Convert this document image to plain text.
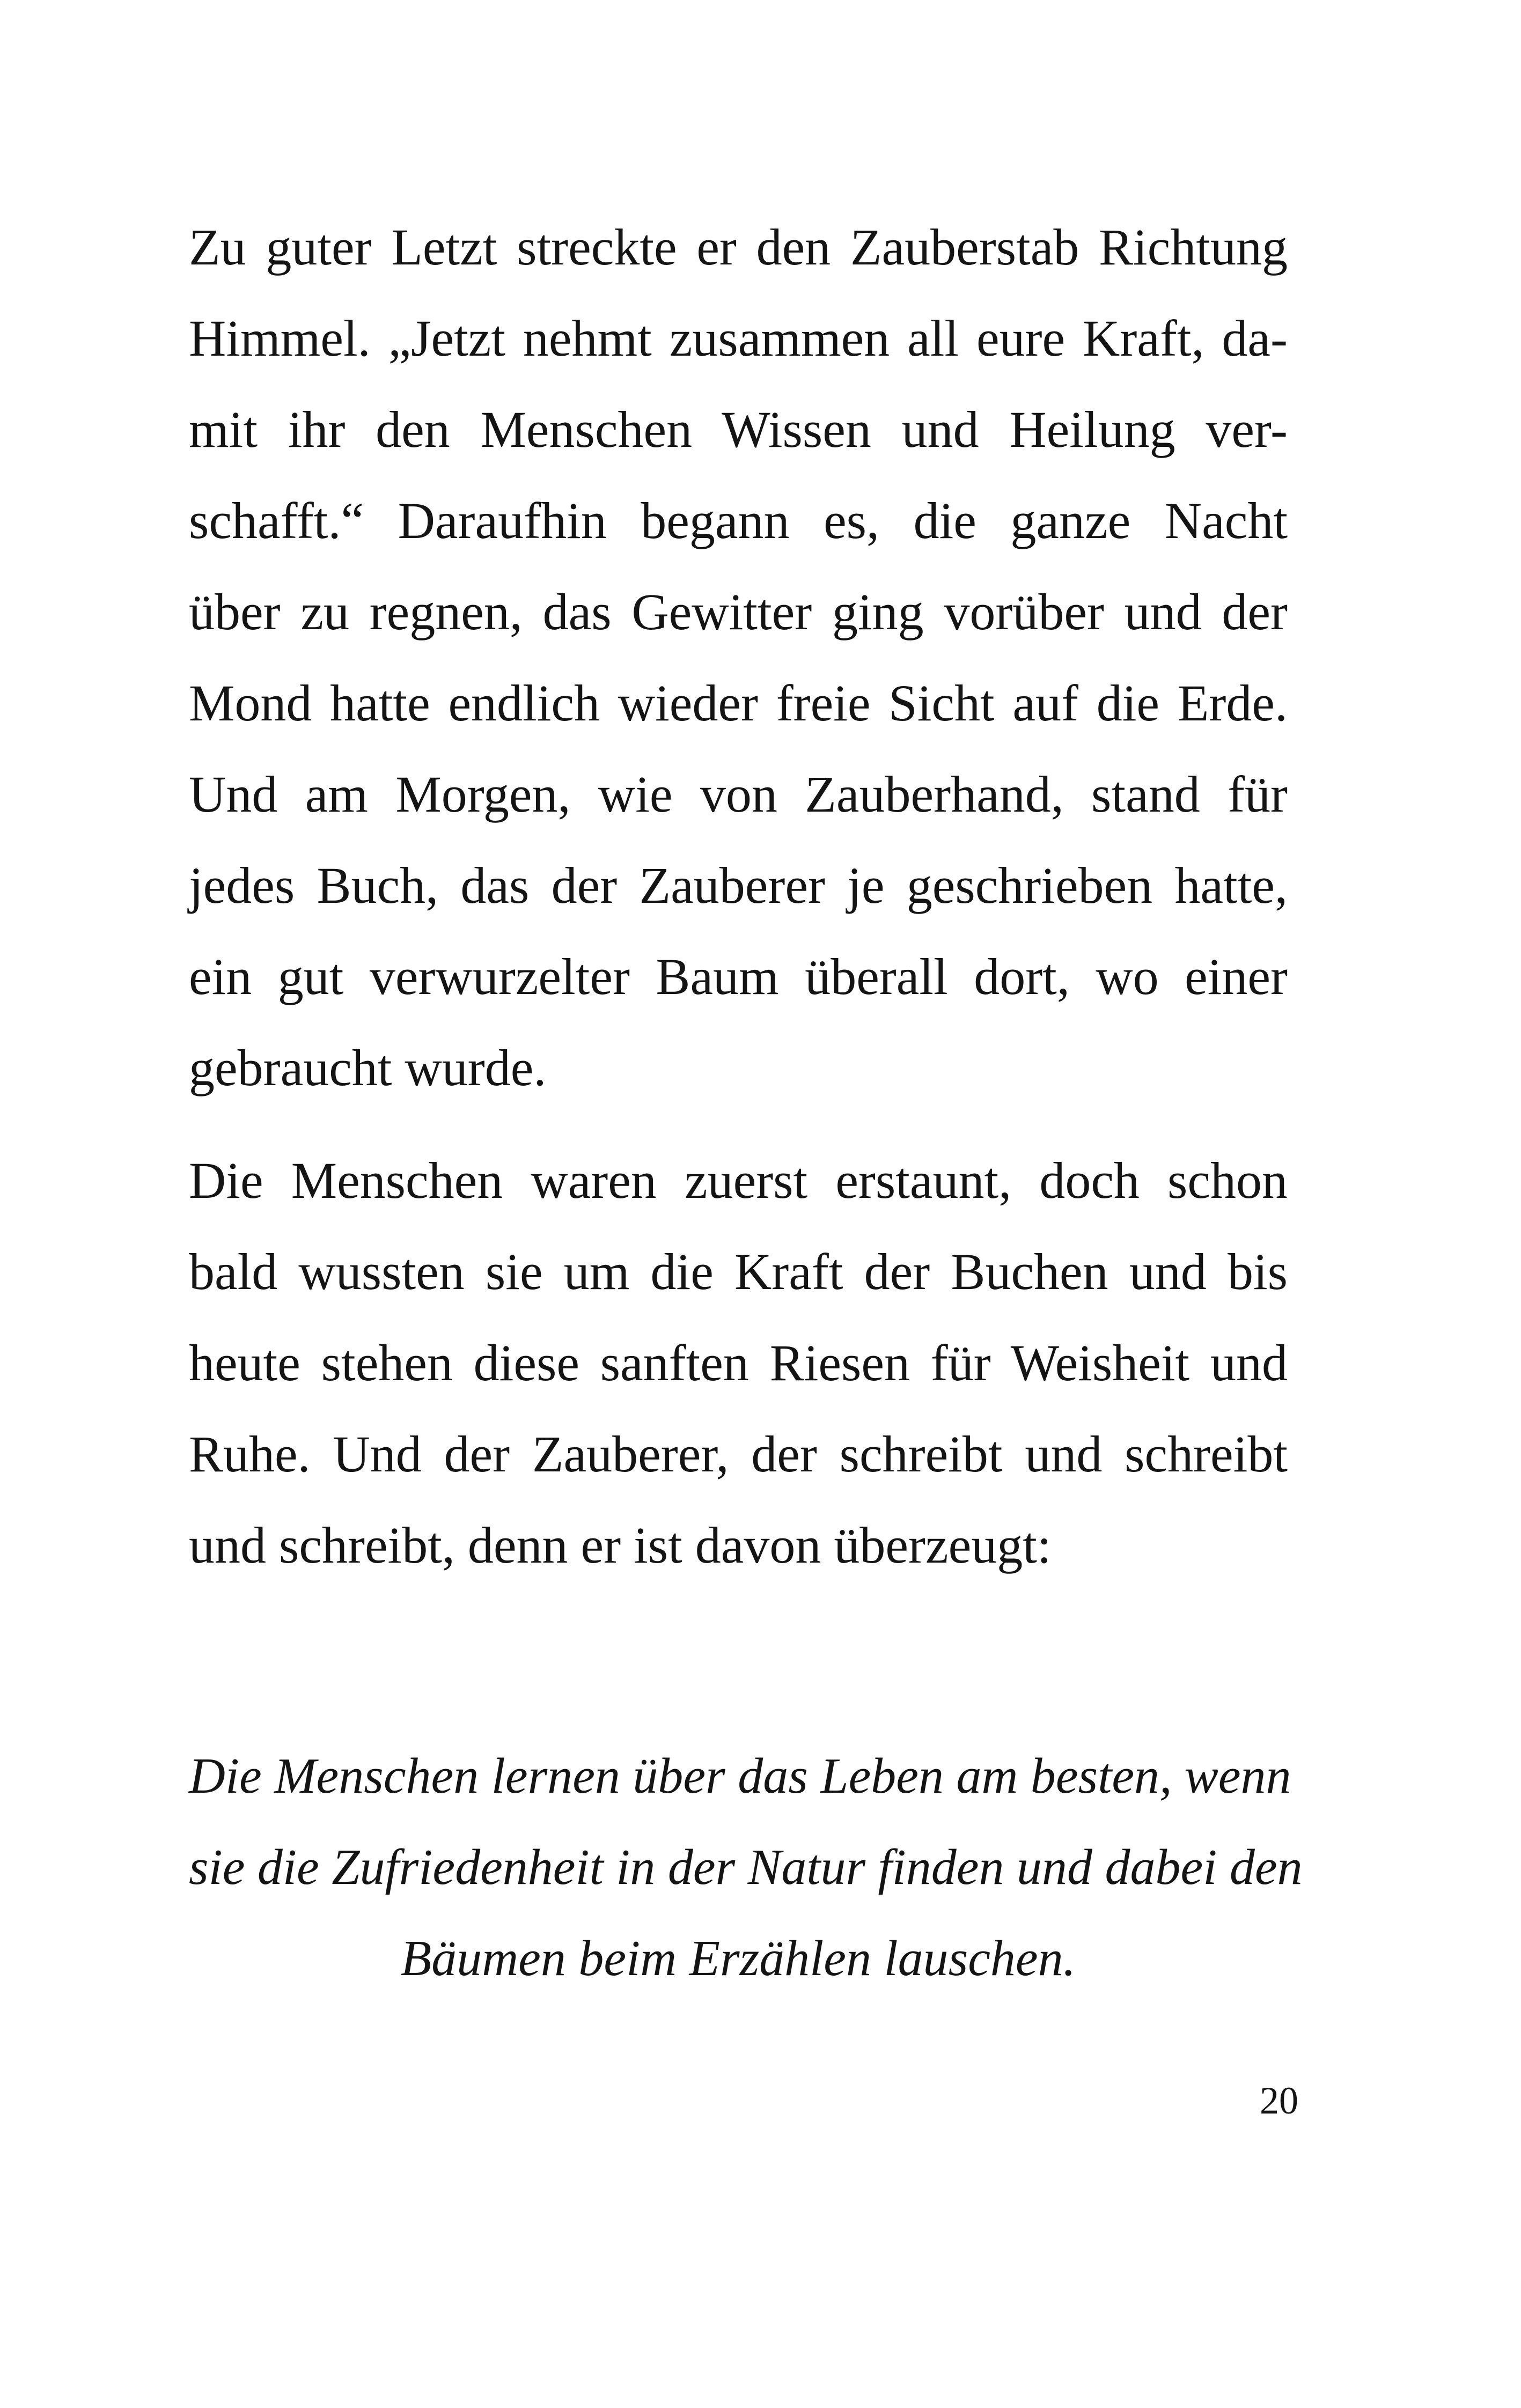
Zu guter Letzt streckte er den Zauberstab Richtung

Himmel. „Jetzt nehmt zusammen all eure Kraft, da-

mit ihr den Menschen Wissen und Heilung ver-

schafft.“ Daraufhin begann es, die ganze Nacht

über zu regnen, das Gewitter ging vorüber und der

Mond hatte endlich wieder freie Sicht auf die Erde.

Und am Morgen, wie von Zauberhand, stand für

jedes Buch, das der Zauberer je geschrieben hatte,

ein gut verwurzelter Baum überall dort, wo einer

gebraucht wurde.

Die Menschen waren zuerst erstaunt, doch schon

bald wussten sie um die Kraft der Buchen und bis

heute stehen diese sanften Riesen für Weisheit und

Ruhe. Und der Zauberer, der schreibt und schreibt

und schreibt, denn er ist davon überzeugt:

Die Menschen lernen über das Leben am besten, wenn

sie die Zufriedenheit in der Natur finden und dabei den

Bäumen beim Erzählen lauschen.

20
